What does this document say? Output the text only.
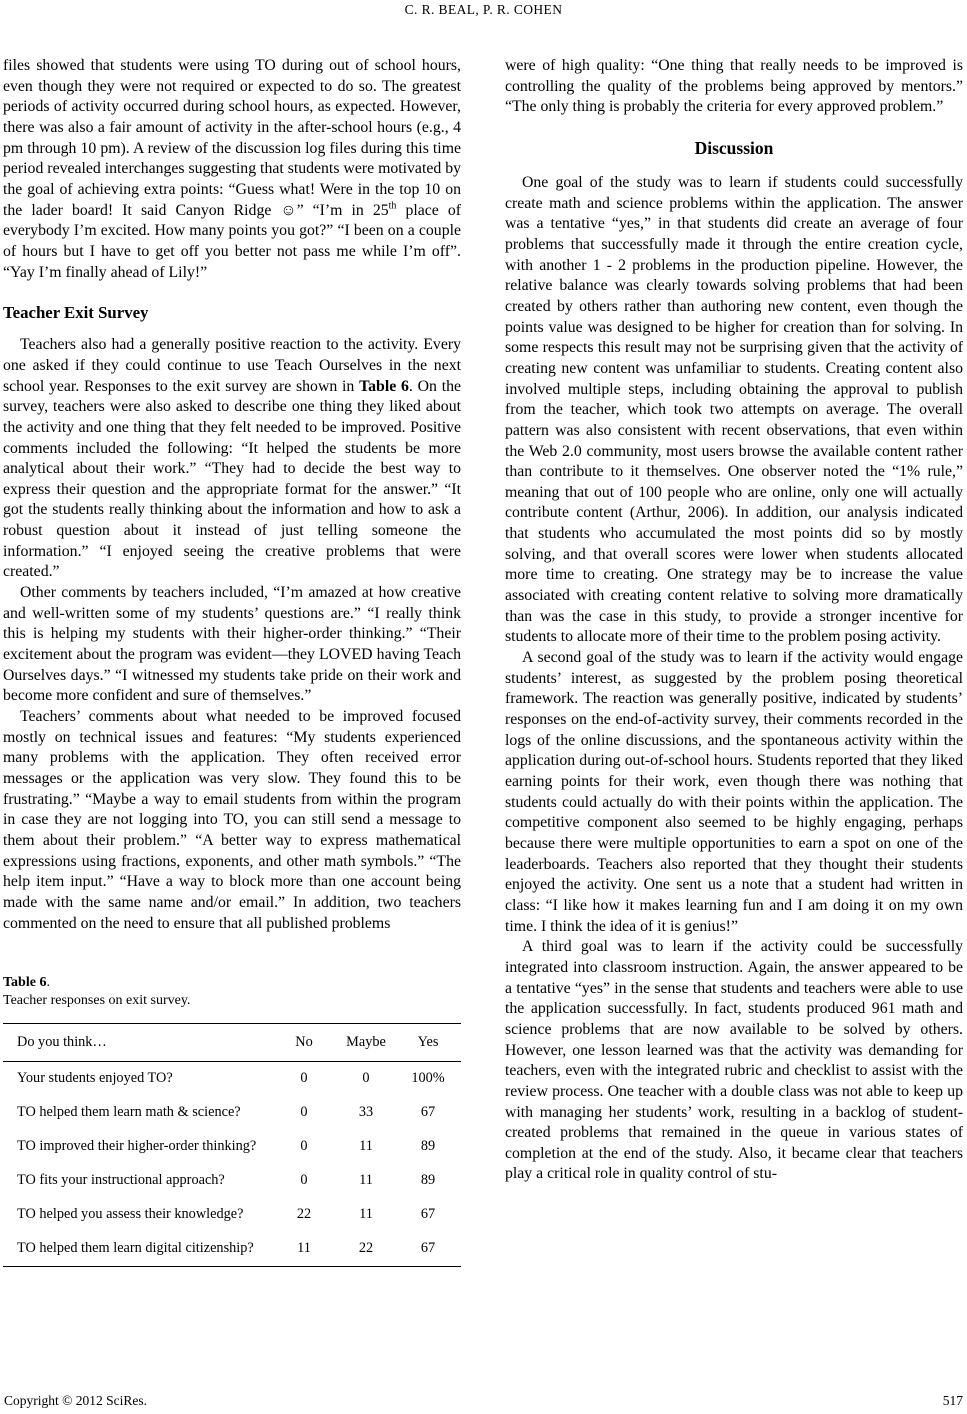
C. R. BEAL, P. R. COHEN

files showed that students were using TO during out of school hours, even though they were not required or expected to do so. The greatest periods of activity occurred during school hours, as expected. However, there was also a fair amount of activity in the after-school hours (e.g., 4 pm through 10 pm). A review of the discussion log files during this time period revealed interchanges suggesting that students were motivated by the goal of achieving extra points: “Guess what! Were in the top 10 on the lader board! It said Canyon Ridge ☺” “I’m in 25th place of everybody I’m excited. How many points you got?” “I been on a couple of hours but I have to get off you better not pass me while I’m off”. “Yay I’m finally ahead of Lily!”

Teacher Exit Survey

Teachers also had a generally positive reaction to the activity. Every one asked if they could continue to use Teach Ourselves in the next school year. Responses to the exit survey are shown in Table 6. On the survey, teachers were also asked to describe one thing they liked about the activity and one thing that they felt needed to be improved. Positive comments included the following: “It helped the students be more analytical about their work.” “They had to decide the best way to express their question and the appropriate format for the answer.” “It got the students really thinking about the information and how to ask a robust question about it instead of just telling someone the information.” “I enjoyed seeing the creative problems that were created.”

Other comments by teachers included, “I’m amazed at how creative and well-written some of my students’ questions are.” “I really think this is helping my students with their higher-order thinking.” “Their excitement about the program was evident—they LOVED having Teach Ourselves days.” “I witnessed my students take pride on their work and become more confident and sure of themselves.”

Teachers’ comments about what needed to be improved focused mostly on technical issues and features: “My students experienced many problems with the application. They often received error messages or the application was very slow. They found this to be frustrating.” “Maybe a way to email students from within the program in case they are not logging into TO, you can still send a message to them about their problem.” “A better way to express mathematical expressions using fractions, exponents, and other math symbols.” “The help item input.” “Have a way to block more than one account being made with the same name and/or email.” In addition, two teachers commented on the need to ensure that all published problems

Table 6.

Teacher responses on exit survey.

Do you think…	No	Maybe	Yes
Your students enjoyed TO?	0	0	100%
TO helped them learn math & science?	0	33	67
TO improved their higher-order thinking?	0	11	89
TO fits your instructional approach?	0	11	89
TO helped you assess their knowledge?	22	11	67
TO helped them learn digital citizenship?	11	22	67

were of high quality: “One thing that really needs to be improved is controlling the quality of the problems being approved by mentors.” “The only thing is probably the criteria for every approved problem.”

Discussion

One goal of the study was to learn if students could successfully create math and science problems within the application. The answer was a tentative “yes,” in that students did create an average of four problems that successfully made it through the entire creation cycle, with another 1 - 2 problems in the production pipeline. However, the relative balance was clearly towards solving problems that had been created by others rather than authoring new content, even though the points value was designed to be higher for creation than for solving. In some respects this result may not be surprising given that the activity of creating new content was unfamiliar to students. Creating content also involved multiple steps, including obtaining the approval to publish from the teacher, which took two attempts on average. The overall pattern was also consistent with recent observations, that even within the Web 2.0 community, most users browse the available content rather than contribute to it themselves. One observer noted the “1% rule,” meaning that out of 100 people who are online, only one will actually contribute content (Arthur, 2006). In addition, our analysis indicated that students who accumulated the most points did so by mostly solving, and that overall scores were lower when students allocated more time to creating. One strategy may be to increase the value associated with creating content relative to solving more dramatically than was the case in this study, to provide a stronger incentive for students to allocate more of their time to the problem posing activity.

A second goal of the study was to learn if the activity would engage students’ interest, as suggested by the problem posing theoretical framework. The reaction was generally positive, indicated by students’ responses on the end-of-activity survey, their comments recorded in the logs of the online discussions, and the spontaneous activity within the application during out-of-school hours. Students reported that they liked earning points for their work, even though there was nothing that students could actually do with their points within the application. The competitive component also seemed to be highly engaging, perhaps because there were multiple opportunities to earn a spot on one of the leaderboards. Teachers also reported that they thought their students enjoyed the activity. One sent us a note that a student had written in class: “I like how it makes learning fun and I am doing it on my own time. I think the idea of it is genius!”

A third goal was to learn if the activity could be successfully integrated into classroom instruction. Again, the answer appeared to be a tentative “yes” in the sense that students and teachers were able to use the application successfully. In fact, students produced 961 math and science problems that are now available to be solved by others. However, one lesson learned was that the activity was demanding for teachers, even with the integrated rubric and checklist to assist with the review process. One teacher with a double class was not able to keep up with managing her students’ work, resulting in a backlog of student-created problems that remained in the queue in various states of completion at the end of the study. Also, it became clear that teachers play a critical role in quality control of stu-

Copyright © 2012 SciRes.	517
